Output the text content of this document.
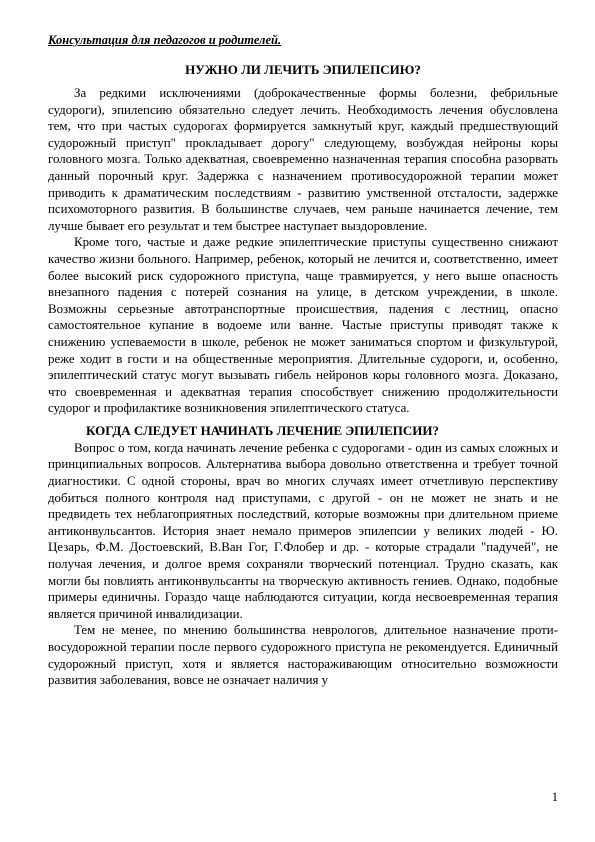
Консультация для педагогов и родителей.
НУЖНО ЛИ ЛЕЧИТЬ ЭПИЛЕПСИЮ?

За редкими исключениями (доброкачественные формы болезни, фебрильные судороги), эпилепсию обязательно следует лечить. Необходимость лечения обусловлена тем, что при частых судорогах формируется замкнутый круг, каждый предшествующий судорожный приступ" прокладывает дорогу" следующему, возбуждая нейроны коры головного мозга. Только адекватная, своевременно назначенная терапия способна разорвать данный порочный круг. Задержка с назначением противосудорожной терапии может приводить к драматическим последствиям - развитию умственной отсталости, задержке психомоторного развития. В большинстве случаев, чем раньше начинается лечение, тем лучше бывает его результат и тем быстрее наступает выздоровление.

Кроме того, частые и даже редкие эпилептические приступы существенно снижают качество жизни больного. Например, ребенок, который не лечится и, соответственно, имеет более высокий риск судорожного приступа, чаще травмируется, у него выше опасность внезапного падения с потерей сознания на улице, в детском учреждении, в школе. Возможны серьезные автотранспортные происшествия, падения с лестниц, опасно самостоятельное купание в водоеме или ванне. Частые приступы приводят также к снижению успеваемости в школе, ребенок не может заниматься спортом и физкультурой, реже ходит в гости и на общественные мероприятия. Длительные судороги, и, особенно, эпилептический статус могут вызывать гибель нейронов коры головного мозга. Доказано, что своевременная и адекватная терапия способствует снижению продолжительности судорог и профилактике возникновения эпилептического статуса.

КОГДА СЛЕДУЕТ НАЧИНАТЬ ЛЕЧЕНИЕ ЭПИЛЕПСИИ?

Вопрос о том, когда начинать лечение ребенка с судорогами - один из самых сложных и принципиальных вопросов. Альтернатива выбора довольно ответственна и требует точной диагностики. С одной стороны, врач во многих случаях имеет отчетливую перспективу добиться полного контроля над приступами, с другой - он не может не знать и не предвидеть тех неблагоприятных последствий, которые возможны при длительном приеме антиконвульсантов. История знает немало примеров эпилепсии у великих людей - Ю. Цезарь, Ф.М. Достоевский, В.Ван Гог, Г.Флобер и др. - которые страдали "падучей", не получая лечения, и долгое время сохраняли творческий потенциал. Трудно сказать, как могли бы повлиять антиконвульсанты на творческую активность гениев. Однако, подобные примеры единичны. Гораздо чаще наблюдаются ситуации, когда несвоевременная терапия является причиной инвалидизации.

Тем не менее, по мнению большинства неврологов, длительное назначение проти-восудорожной терапии после первого судорожного приступа не рекомендуется. Единичный судорожный приступ, хотя и является настораживающим относительно возможности развития заболевания, вовсе не означает наличия у

1
